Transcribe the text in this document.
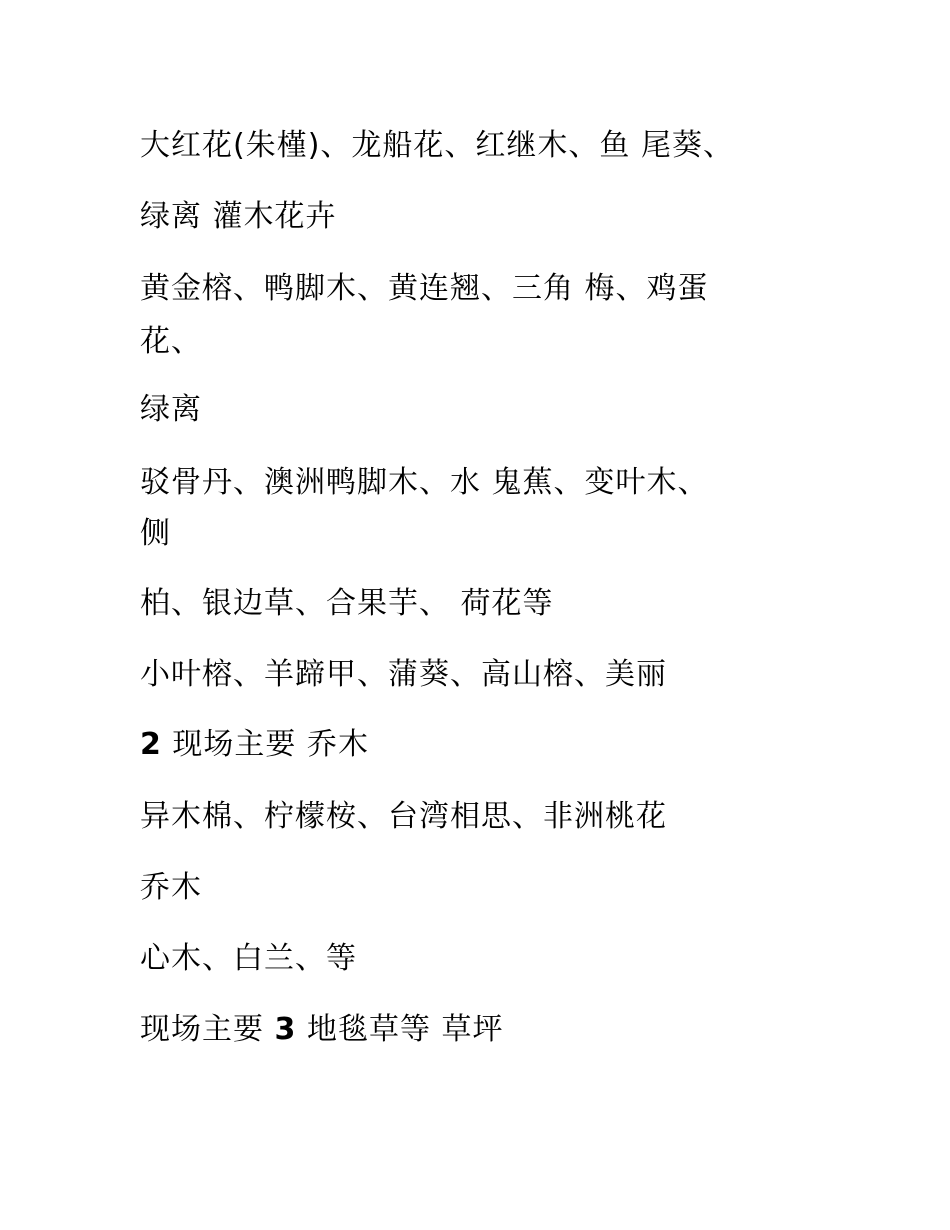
大红花(朱槿)、龙船花、红继木、鱼 尾葵、
绿离 灌木花卉
黄金榕、鸭脚木、黄连翘、三角 梅、鸡蛋
花、
绿离
驳骨丹、澳洲鸭脚木、水 鬼蕉、变叶木、
侧
柏、银边草、合果芋、 荷花等
小叶榕、羊蹄甲、蒲葵、高山榕、美丽
2 现场主要 乔木
异木棉、柠檬桉、台湾相思、非洲桃花
乔木
心木、白兰、等
现场主要 3 地毯草等 草坪
